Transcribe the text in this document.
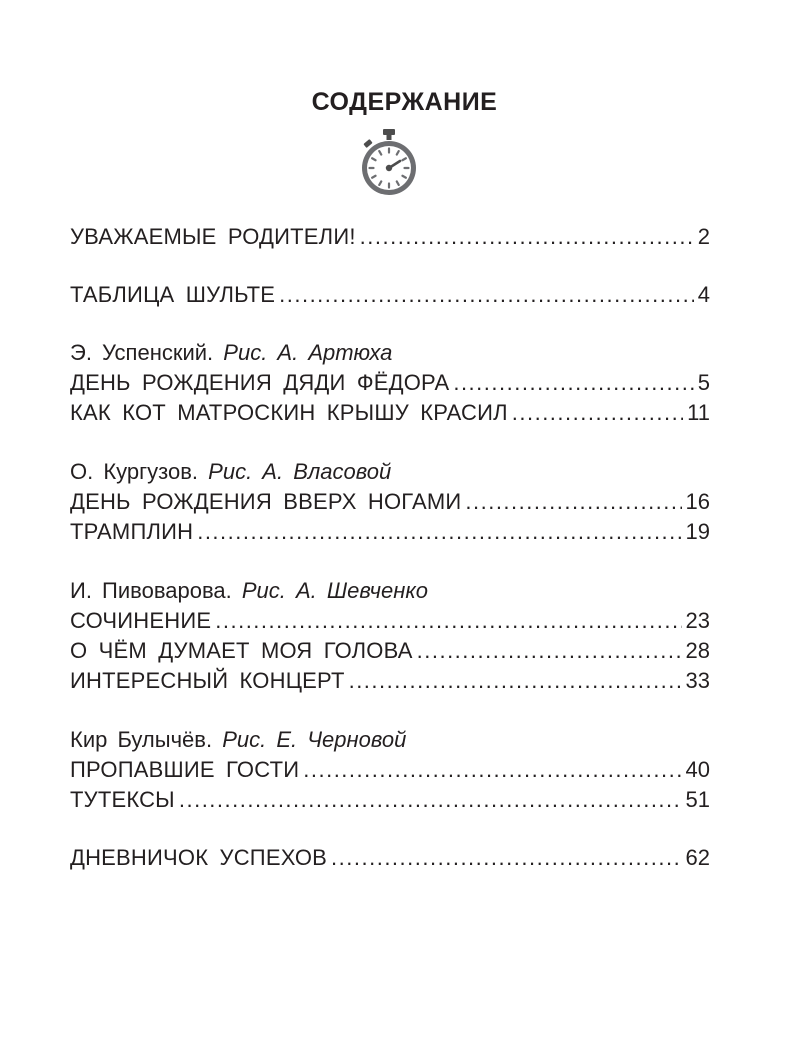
СОДЕРЖАНИЕ
УВАЖАЕМЫЕ РОДИТЕЛИ! .....	2
ТАБЛИЦА ШУЛЬТЕ .....	4
Э. Успенский. Рис. А. Артюха
ДЕНЬ РОЖДЕНИЯ ДЯДИ ФЁДОРА .....	5
КАК КОТ МАТРОСКИН КРЫШУ КРАСИЛ .....	11
О. Кургузов. Рис. А. Власовой
ДЕНЬ РОЖДЕНИЯ ВВЕРХ НОГАМИ .....	16
ТРАМПЛИН .....	19
И. Пивоварова. Рис. А. Шевченко
СОЧИНЕНИЕ .....	23
О ЧЁМ ДУМАЕТ МОЯ ГОЛОВА .....	28
ИНТЕРЕСНЫЙ КОНЦЕРТ .....	33
Кир Булычёв. Рис. Е. Черновой
ПРОПАВШИЕ ГОСТИ .....	40
ТУТЕКСЫ .....	51
ДНЕВНИЧОК УСПЕХОВ .....	62
